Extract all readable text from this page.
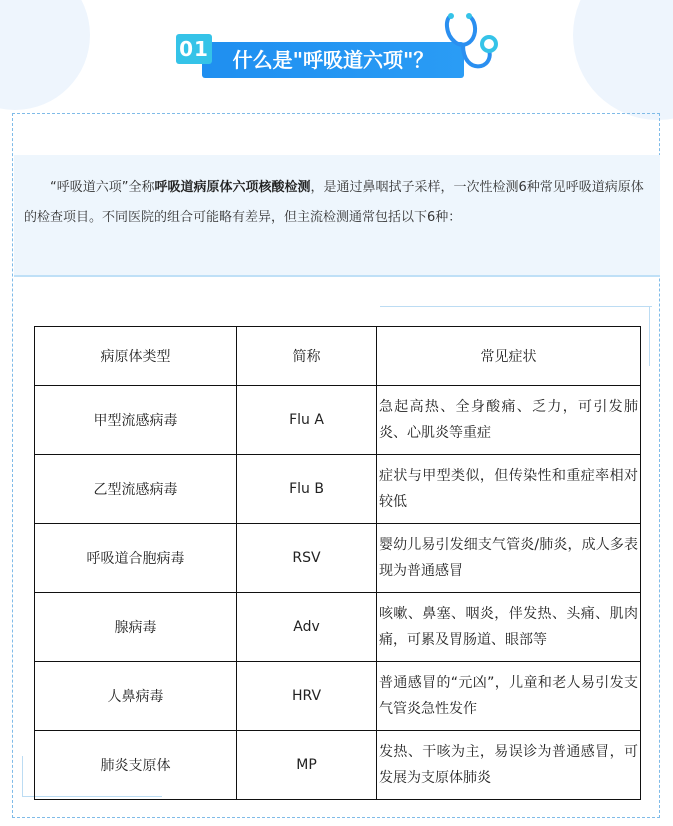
什么是"呼吸道六项"？
01

“呼吸道六项”全称呼吸道病原体六项核酸检测，是通过鼻咽拭子采样，一次性检测6种常见呼吸道病原体的检查项目。不同医院的组合可能略有差异，但主流检测通常包括以下6种：

病原体类型	简称	常见症状
甲型流感病毒	Flu A	急起高热、全身酸痛、乏力，可引发肺炎、心肌炎等重症
乙型流感病毒	Flu B	症状与甲型类似，但传染性和重症率相对较低
呼吸道合胞病毒	RSV	婴幼儿易引发细支气管炎/肺炎，成人多表现为普通感冒
腺病毒	Adv	咳嗽、鼻塞、咽炎，伴发热、头痛、肌肉痛，可累及胃肠道、眼部等
人鼻病毒	HRV	普通感冒的“元凶”，儿童和老人易引发支气管炎急性发作
肺炎支原体	MP	发热、干咳为主，易误诊为普通感冒，可发展为支原体肺炎
